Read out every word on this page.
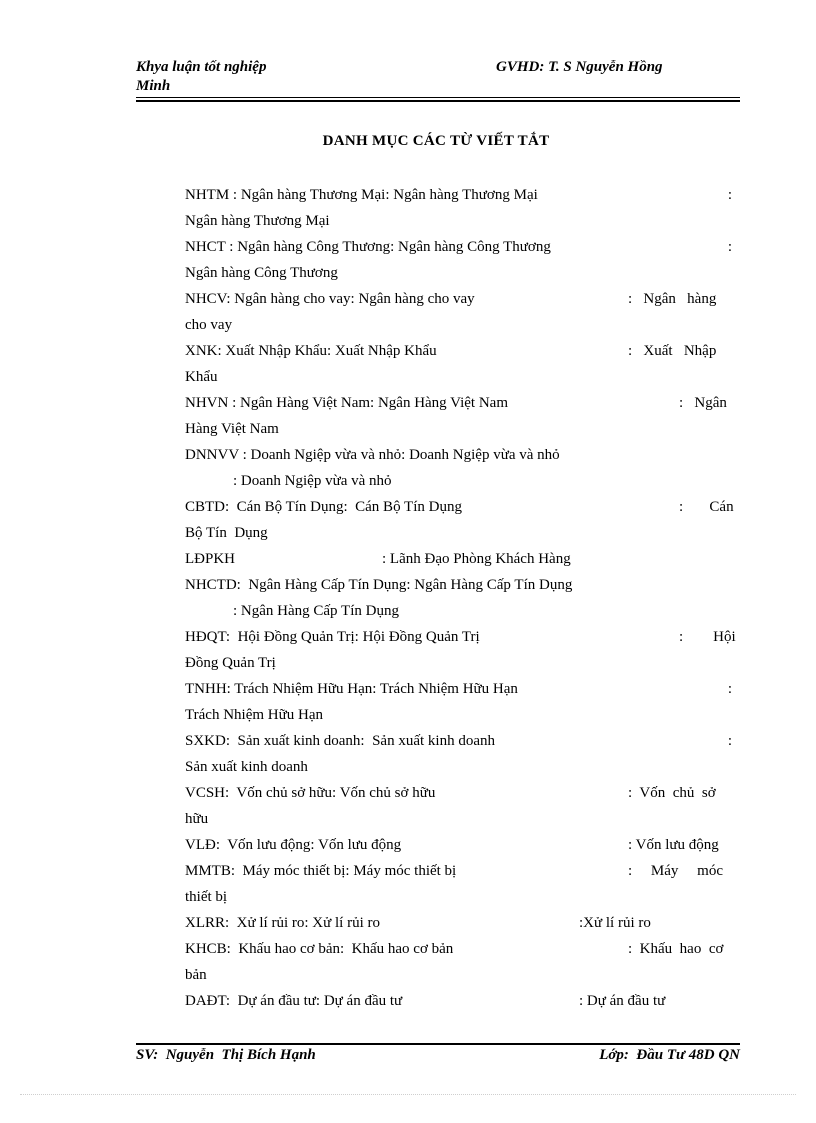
Khya luận tốt nghiệp	GVHD: T. S Nguyễn Hồng
Minh
DANH MỤC CÁC TỪ VIẾT TẮT
NHTM : Ngân hàng Thương Mại: Ngân hàng Thương Mại	:
Ngân hàng Thương Mại
NHCT : Ngân hàng Công Thương: Ngân hàng Công Thương	:
Ngân hàng Công Thương
NHCV: Ngân hàng cho vay: Ngân hàng cho vay	:   Ngân   hàng
cho vay
XNK: Xuất Nhập Khẩu: Xuất Nhập Khẩu	:   Xuất   Nhập
Khẩu
NHVN : Ngân Hàng Việt Nam: Ngân Hàng Việt Nam	:   Ngân
Hàng Việt Nam
DNNVV : Doanh Ngiệp vừa và nhỏ: Doanh Ngiệp vừa và nhỏ
: Doanh Ngiệp vừa và nhỏ
CBTD:  Cán Bộ Tín Dụng:  Cán Bộ Tín Dụng	:       Cán
Bộ Tín  Dụng
LĐPKH	: Lãnh Đạo Phòng Khách Hàng
NHCTD:  Ngân Hàng Cấp Tín Dụng: Ngân Hàng Cấp Tín Dụng
: Ngân Hàng Cấp Tín Dụng
HĐQT:  Hội Đồng Quản Trị: Hội Đồng Quản Trị	:        Hội
Đồng Quản Trị
TNHH: Trách Nhiệm Hữu Hạn: Trách Nhiệm Hữu Hạn	:
Trách Nhiệm Hữu Hạn
SXKD:  Sản xuất kinh doanh:  Sản xuất kinh doanh	:
Sản xuất kinh doanh
VCSH:  Vốn chủ sở hữu: Vốn chủ sở hữu	:  Vốn  chủ  sở
hữu
VLĐ:  Vốn lưu động: Vốn lưu động	: Vốn lưu động
MMTB:  Máy móc thiết bị: Máy móc thiết bị	:     Máy     móc
thiết bị
XLRR:  Xử lí rủi ro: Xử lí rủi ro	:Xử lí rủi ro
KHCB:  Khấu hao cơ bản:  Khấu hao cơ bản	:  Khấu  hao  cơ
bản
DAĐT:  Dự án đầu tư: Dự án đầu tư	: Dự án đầu tư
SV:  Nguyễn  Thị Bích Hạnh	Lớp:  Đầu Tư 48D QN
